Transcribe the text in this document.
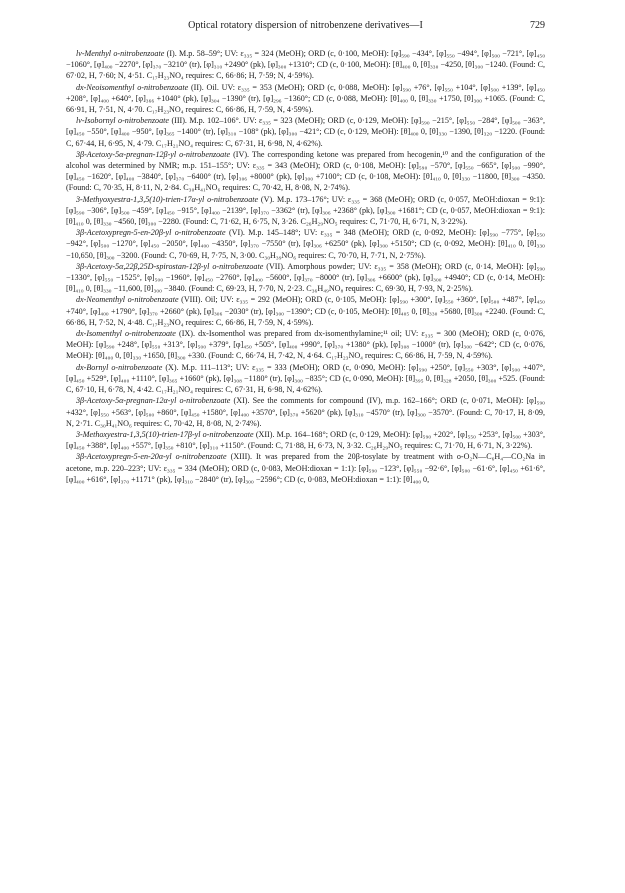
Optical rotatory dispersion of nitrobenzene derivatives—I	729

lv-Menthyl o-nitrobenzoate (I). M.p. 58–59°; UV: ε₃₃₅ = 324 (MeOH); ORD (c, 0·100, MeOH): [φ]₅₉₀ −434°, [φ]₅₅₀ −494°, [φ]₅₀₀ −721°, [φ]₄₅₀ −1060°, [φ]₄₀₀ −2270°, [φ]₃₇₀ −3210° (tr), [φ]₃₁₀ +2490° (pk), [φ]₃₀₀ +1310°; CD (c, 0·100, MeOH): [θ]₄₀₀ 0, [θ]₃₃₀ −4250, [θ]₃₀₀ −1240. (Found: C, 67·02, H, 7·60; N, 4·51. C₁₇H₂₃NO₄ requires: C, 66·86; H, 7·59; N, 4·59%).

dx-Neoisomenthyl o-nitrobenzoate (II). Oil. UV: ε₃₃₅ = 353 (MeOH); ORD (c, 0·088, MeOH): [φ]₅₉₀ +76°, [φ]₅₅₀ +104°, [φ]₅₀₀ +139°, [φ]₄₅₀ +208°, [φ]₄₀₀ +640°, [φ]₃₆₆ +1040° (pk), [φ]₃₀₄ −1390° (tr), [φ]₂₉₆ −1360°; CD (c, 0·088, MeOH): [θ]₄₀₀ 0, [θ]₃₃₀ +1750, [θ]₃₀₀ +1065. (Found: C, 66·91, H, 7·51, N, 4·70. C₁₇H₂₃NO₄ requires: C, 66·86, H, 7·59, N, 4·59%).

lv-Isobornyl o-nitrobenzoate (III). M.p. 102–106°. UV: ε₃₃₅ = 323 (MeOH); ORD (c, 0·129, MeOH): [φ]₅₉₀ −215°, [φ]₅₅₀ −284°, [φ]₅₀₀ −363°, [φ]₄₅₀ −550°, [φ]₄₀₀ −950°, [φ]₃₆₅ −1400° (tr), [φ]₃₁₀ −108° (pk), [φ]₃₀₀ −421°; CD (c, 0·129, MeOH): [θ]₄₀₀ 0, [θ]₃₃₀ −1390, [θ]₃₂₀ −1220. (Found: C, 67·44, H, 6·95, N, 4·79. C₁₇H₂₁NO₄ requires: C, 67·31, H, 6·98, N, 4·62%).

3β-Acetoxy-5α-pregnan-12β-yl o-nitrobenzoate (IV). The corresponding ketone was prepared from hecogenin,¹⁰ and the configuration of the alcohol was determined by NMR; m.p. 151–155°; UV: ε₃₃₅ = 343 (MeOH); ORD (c, 0·108, MeOH): [φ]₅₉₀ −570°, [φ]₅₅₀ −665°, [φ]₅₀₀ −990°, [φ]₄₅₀ −1620°, [φ]₄₀₀ −3840°, [φ]₃₇₀ −6400° (tr), [φ]₃₀₆ +8000° (pk), [φ]₃₀₀ +7100°; CD (c, 0·108, MeOH): [θ]₄₁₀ 0, [θ]₃₃₀ −11800, [θ]₃₀₀ −4350. (Found: C, 70·35, H, 8·11, N, 2·84. C₃₀H₄₁NO₆ requires: C, 70·42, H, 8·08, N, 2·74%).

3-Methyoxyestra-1,3,5(10)-trien-17α-yl o-nitrobenzoate (V). M.p. 173–176°; UV: ε₃₃₅ = 368 (MeOH); ORD (c, 0·057, MeOH:dioxan = 9:1): [φ]₅₉₀ −306°, [φ]₅₀₀ −459°, [φ]₄₅₀ −915°, [φ]₄₀₀ −2139°, [φ]₃₇₀ −3362° (tr), [φ]₃₀₆ +2368° (pk), [φ]₃₀₀ +1681°; CD (c, 0·057, MeOH:dioxan = 9:1): [θ]₄₁₀ 0, [θ]₃₃₀ −4560, [θ]₃₀₀ −2280. (Found: C, 71·62, H, 6·75, N, 3·26. C₂₆H₂₉NO₅ requires: C, 71·70, H, 6·71, N, 3·22%).

3β-Acetoxypregn-5-en-20β-yl o-nitrobenzoate (VI). M.p. 145–148°; UV: ε₃₃₅ = 348 (MeOH); ORD (c, 0·092, MeOH): [φ]₅₉₀ −775°, [φ]₅₅₀ −942°, [φ]₅₀₀ −1270°, [φ]₄₅₀ −2050°, [φ]₄₀₀ −4350°, [φ]₃₇₀ −7550° (tr), [φ]₃₀₆ +6250° (pk), [φ]₃₀₀ +5150°; CD (c, 0·092, MeOH): [θ]₄₁₀ 0, [θ]₃₃₀ −10,650, [θ]₃₀₀ −3200. (Found: C, 70·69, H, 7·75, N, 3·00. C₃₀H₃₉NO₆ requires: C, 70·70, H, 7·71, N, 2·75%).

3β-Acetoxy-5α,22β,25D-spirostan-12β-yl o-nitrobenzoate (VII). Amorphous powder; UV: ε₃₃₅ = 358 (MeOH); ORD (c, 0·14, MeOH): [φ]₅₉₀ −1330°, [φ]₅₅₀ −1525°, [φ]₅₀₀ −1960°, [φ]₄₅₀ −2760°, [φ]₄₀₀ −5600°, [φ]₃₇₀ −8000° (tr), [φ]₃₀₆ +6600° (pk), [φ]₃₀₀ +4940°; CD (c, 0·14, MeOH): [θ]₄₁₀ 0, [θ]₃₃₀ −11,600, [θ]₃₀₀ −3840. (Found: C, 69·23, H, 7·70, N, 2·23. C₃₆H₄₉NO₈ requires: C, 69·30, H, 7·93, N, 2·25%).

dx-Neomenthyl o-nitrobenzoate (VIII). Oil; UV: ε₃₃₅ = 292 (MeOH); ORD (c, 0·105, MeOH): [φ]₅₉₀ +300°, [φ]₅₅₀ +360°, [φ]₅₀₀ +487°, [φ]₄₅₀ +740°, [φ]₄₀₀ +1790°, [φ]₃₇₀ +2660° (pk), [φ]₃₀₆ −2030° (tr), [φ]₃₀₀ −1390°; CD (c, 0·105, MeOH): [θ]₄₀₅ 0, [θ]₃₃₀ +5680, [θ]₃₀₀ +2240. (Found: C, 66·86, H, 7·52, N, 4·48. C₁₇H₂₃NO₄ requires: C, 66·86, H, 7·59, N, 4·59%).

dx-Isomenthyl o-nitrobenzoate (IX). dx-Isomenthol was prepared from dx-isomenthylamine;¹¹ oil; UV: ε₃₃₅ = 300 (MeOH); ORD (c, 0·076, MeOH): [φ]₅₉₀ +248°, [φ]₅₅₀ +313°, [φ]₅₀₀ +379°, [φ]₄₅₀ +505°, [φ]₄₀₀ +990°, [φ]₃₇₀ +1380° (pk), [φ]₃₀₈ −1000° (tr), [φ]₃₀₀ −642°; CD (c, 0·076, MeOH): [θ]₄₀₀ 0, [θ]₃₃₀ +1650, [θ]₃₀₀ +330. (Found: C, 66·74, H, 7·42, N, 4·64. C₁₇H₂₃NO₄ requires: C, 66·86, H, 7·59, N, 4·59%).

dx-Bornyl o-nitrobenzoate (X). M.p. 111–113°; UV: ε₃₃₅ = 333 (MeOH); ORD (c, 0·090, MeOH): [φ]₅₉₀ +250°, [φ]₅₅₀ +303°, [φ]₅₀₀ +407°, [φ]₄₅₀ +529°, [φ]₄₀₀ +1110°, [φ]₃₆₅ +1660° (pk), [φ]₃₀₈ −1180° (tr), [φ]₃₀₀ −835°; CD (c, 0·090, MeOH): [θ]₃₉₅ 0, [θ]₃₂₈ +2050, [θ]₃₀₀ +525. (Found: C, 67·10, H, 6·78, N, 4·42. C₁₇H₂₁NO₄ requires: C, 67·31, H, 6·98, N, 4·62%).

3β-Acetoxy-5α-pregnan-12α-yl o-nitrobenzoate (XI). See the comments for compound (IV), m.p. 162–166°; ORD (c, 0·071, MeOH): [φ]₅₉₀ +432°, [φ]₅₅₀ +563°, [φ]₅₀₀ +860°, [φ]₄₅₀ +1580°, [φ]₄₀₀ +3570°, [φ]₃₇₀ +5620° (pk), [φ]₃₁₀ −4570° (tr), [φ]₃₀₀ −3570°. (Found: C, 70·17, H, 8·09, N, 2·71. C₃₀H₄₁NO₆ requires: C, 70·42, H, 8·08, N, 2·74%).

3-Methoxyestra-1,3,5(10)-trien-17β-yl o-nitrobenzoate (XII). M.p. 164–168°; ORD (c, 0·129, MeOH): [φ]₅₉₀ +202°, [φ]₅₅₀ +253°, [φ]₅₀₀ +303°, [φ]₄₅₀ +388°, [φ]₄₀₀ +557°, [φ]₃₅₀ +810°, [φ]₃₁₀ +1150°. (Found: C, 71·88, H, 6·73, N, 3·32. C₂₆H₂₉NO₅ requires: C, 71·70, H, 6·71, N, 3·22%).

3β-Acetoxypregn-5-en-20α-yl o-nitrobenzoate (XIII). It was prepared from the 20β-tosylate by treatment with o-O₂N—C₆H₄—CO₂Na in acetone, m.p. 220–223°; UV: ε₃₃₅ = 334 (MeOH); ORD (c, 0·083, MeOH:dioxan = 1:1): [φ]₅₉₀ −123°, [φ]₅₅₀ −92·6°, [φ]₅₀₀ −61·6°, [φ]₄₅₀ +61·6°, [φ]₄₀₀ +616°, [φ]₃₇₀ +1171° (pk), [φ]₃₁₀ −2840° (tr), [φ]₃₀₀ −2596°; CD (c, 0·083, MeOH:dioxan = 1:1): [θ]₄₀₀ 0,
